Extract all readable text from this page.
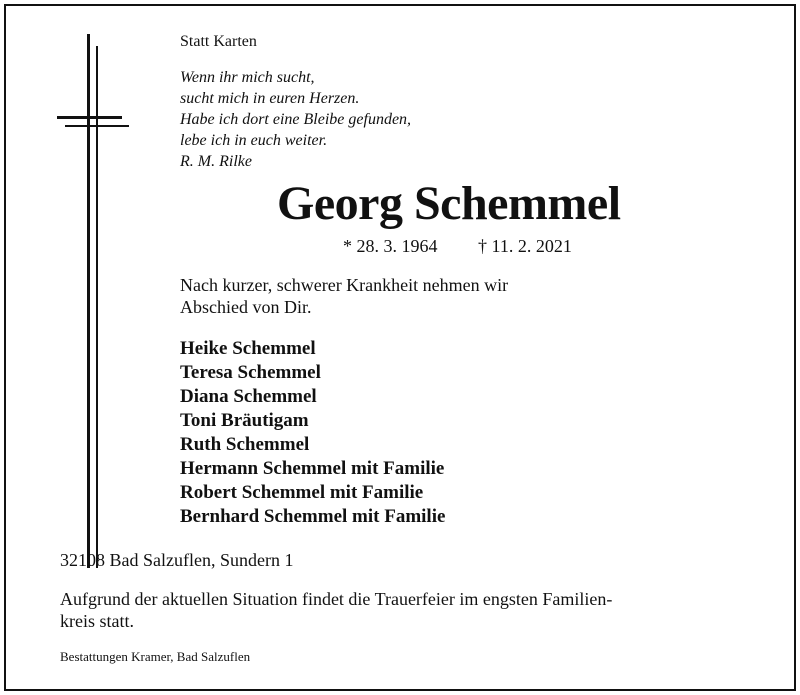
Statt Karten
Wenn ihr mich sucht,
sucht mich in euren Herzen.
Habe ich dort eine Bleibe gefunden,
lebe ich in euch weiter.
R. M. Rilke
Georg Schemmel
* 28. 3. 1964 † 11. 2. 2021
Nach kurzer, schwerer Krankheit nehmen wir
Abschied von Dir.
Heike Schemmel
Teresa Schemmel
Diana Schemmel
Toni Bräutigam
Ruth Schemmel
Hermann Schemmel mit Familie
Robert Schemmel mit Familie
Bernhard Schemmel mit Familie
32108 Bad Salzuflen, Sundern 1
Aufgrund der aktuellen Situation findet die Trauerfeier im engsten Familien-
kreis statt.
Bestattungen Kramer, Bad Salzuflen
